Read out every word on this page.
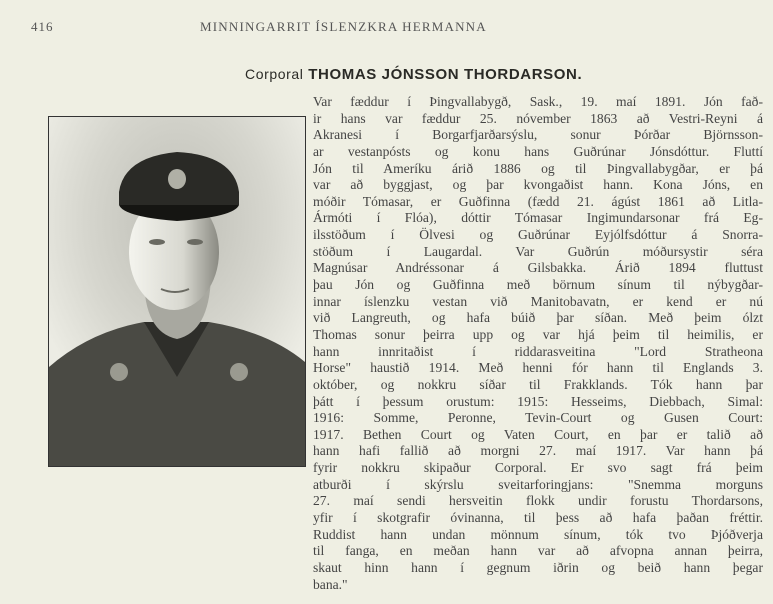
416	MINNINGARRIT ÍSLENZKRA HERMANNA
Corporal THOMAS JÓNSSON THORDARSON.
Var fæddur í Þingvallabygð, Sask., 19. maí 1891. Jón fað-
ir hans var fæddur 25. nóvember 1863 að Vestri-Reyni á
Akranesi í Borgarfjarðarsýslu, sonur Þórðar Björnsson-
ar vestanpósts og konu hans Guðrúnar Jónsdóttur. Fluttí
Jón til Ameríku árið 1886 og til Þingvallabygðar, er þá
var að byggjast, og þar kvongaðist hann. Kona Jóns, en
móðir Tómasar, er Guðfinna (fædd 21. ágúst 1861 að Litla-
Ármóti í Flóa), dóttir Tómasar Ingimundarsonar frá Eg-
ilsstöðum í Ölvesi og Guðrúnar Eyjólfsdóttur á Snorra-
stöðum í Laugardal. Var Guðrún móðursystir séra
Magnúsar Andréssonar á Gilsbakka. Árið 1894 fluttust
þau Jón og Guðfinna með börnum sínum til nýbygðar-
innar íslenzku vestan við Manitobavatn, er kend er nú
við Langreuth, og hafa búið þar síðan. Með þeim ólzt
Thomas sonur þeirra upp og var hjá þeim til heimilis, er
hann innritaðist í riddarasveitina "Lord Stratheona
Horse" haustið 1914. Með henni fór hann til Englands 3.
október, og nokkru síðar til Frakklands. Tók hann þar
þátt í þessum orustum: 1915: Hesseims, Diebbach, Simal:
1916: Somme, Peronne, Tevin-Court og Gusen Court:
1917. Bethen Court og Vaten Court, en þar er talið að
hann hafi fallið að morgni 27. maí 1917. Var hann þá
fyrir nokkru skipaður Corporal. Er svo sagt frá þeim
atburði í skýrslu sveitarforingjans: "Snemma morguns
27. maí sendi hersveitin flokk undir forustu Thordarsons,
yfir í skotgrafir óvinanna, til þess að hafa þaðan fréttir.
Ruddist hann undan mönnum sínum, tók tvo Þjóðverja
til fanga, en meðan hann var að afvopna annan þeirra,
skaut hinn hann í gegnum iðrin og beið hann þegar
bana."
